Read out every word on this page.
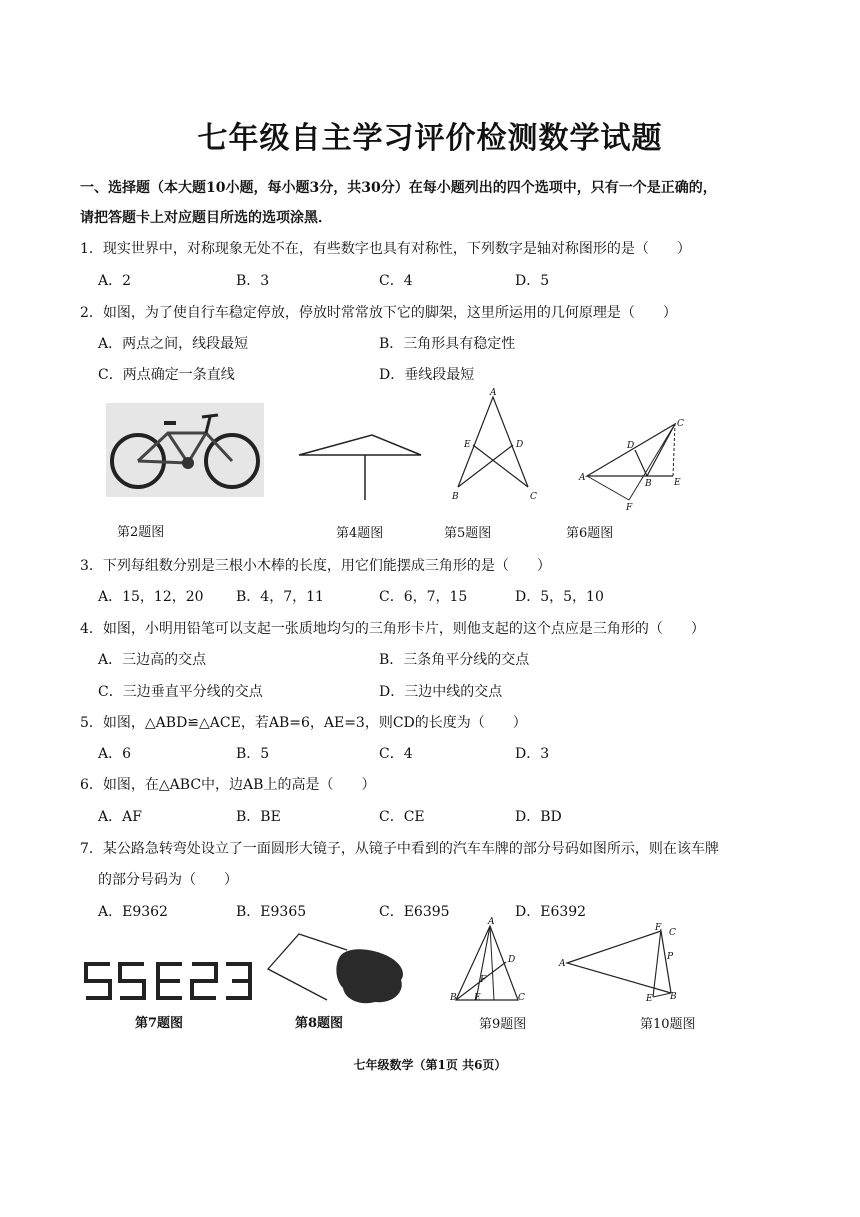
七年级自主学习评价检测数学试题
一、选择题（本大题10小题，每小题3分，共30分）在每小题列出的四个选项中，只有一个是正确的，
请把答题卡上对应题目所选的选项涂黑．
1．现实世界中，对称现象无处不在，有些数字也具有对称性，下列数字是轴对称图形的是（　　）
A．2	B．3	C．4	D．5
2．如图，为了使自行车稳定停放，停放时常常放下它的脚架，这里所运用的几何原理是（　　）
A．两点之间，线段最短	B．三角形具有稳定性
C．两点确定一条直线	D．垂线段最短
第2题图	第4题图
A
E	D
B	C
第5题图
C
D
A
B E
F
第6题图
3．下列每组数分别是三根小木棒的长度，用它们能摆成三角形的是（　　）
A．15，12，20 B．4，7，11	C．6，7，15	D．5，5，10
4．如图，小明用铅笔可以支起一张质地均匀的三角形卡片，则他支起的这个点应是三角形的（　　）
A．三边高的交点	B．三条角平分线的交点
C．三边垂直平分线的交点	D．三边中线的交点
5．如图，△ABD≌△ACE，若AB=6，AE=3，则CD的长度为（　　）
A．6	B．5	C．4	D．3
6．如图，在△ABC中，边AB上的高是（　　）
A．AF	B．BE	C．CE	D．BD
7．某公路急转弯处设立了一面圆形大镜子，从镜子中看到的汽车车牌的部分号码如图所示，则在该车牌
的部分号码为（　　）
A．E9362	B．E9365	C．E6395	D．E6392
第7题图	第8题图
A
D
F
B E	C
第9题图
F C
P
A
E B
第10题图
七年级数学（第1页 共6页）
